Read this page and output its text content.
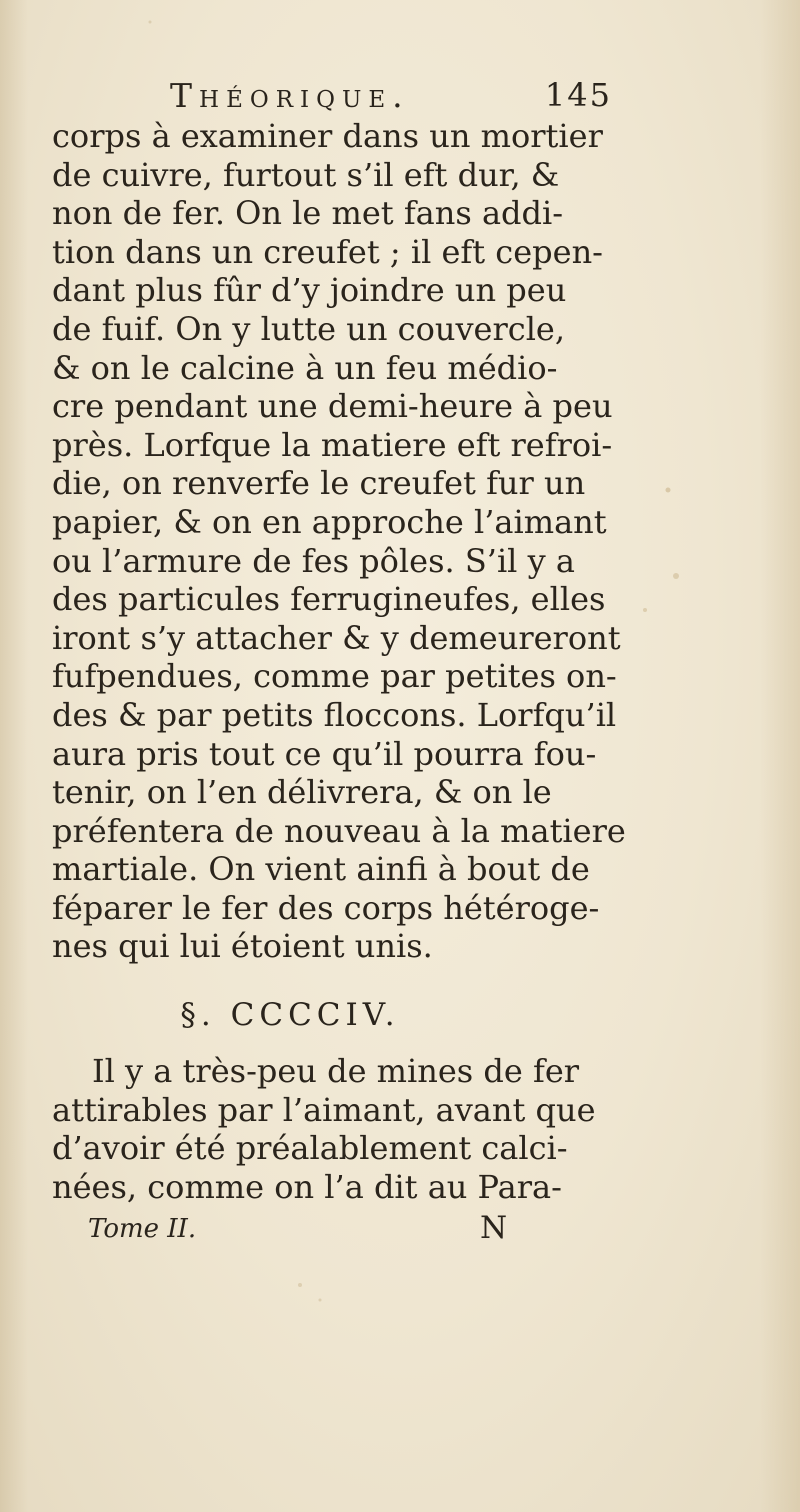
Théorique.	145
corps à examiner dans un mortier
de cuivre, furtout s’il eft dur, &
non de fer. On le met fans addi-
tion dans un creufet ; il eft cepen-
dant plus fûr d’y joindre un peu
de fuif. On y lutte un couvercle,
& on le calcine à un feu médio-
cre pendant une demi-heure à peu
près. Lorfque la matiere eft refroi-
die, on renverfe le creufet fur un
papier, & on en approche l’aimant
ou l’armure de fes pôles. S’il y a
des particules ferrugineufes, elles
iront s’y attacher & y demeureront
fufpendues, comme par petites on-
des & par petits floccons. Lorfqu’il
aura pris tout ce qu’il pourra fou-
tenir, on l’en délivrera, & on le
préfentera de nouveau à la matiere
martiale. On vient ainfi à bout de
féparer le fer des corps hétéroge-
nes qui lui étoient unis.
§. CCCCIV.
Il y a très-peu de mines de fer
attirables par l’aimant, avant que
d’avoir été préalablement calci-
nées, comme on l’a dit au Para-
Tome II.	N
